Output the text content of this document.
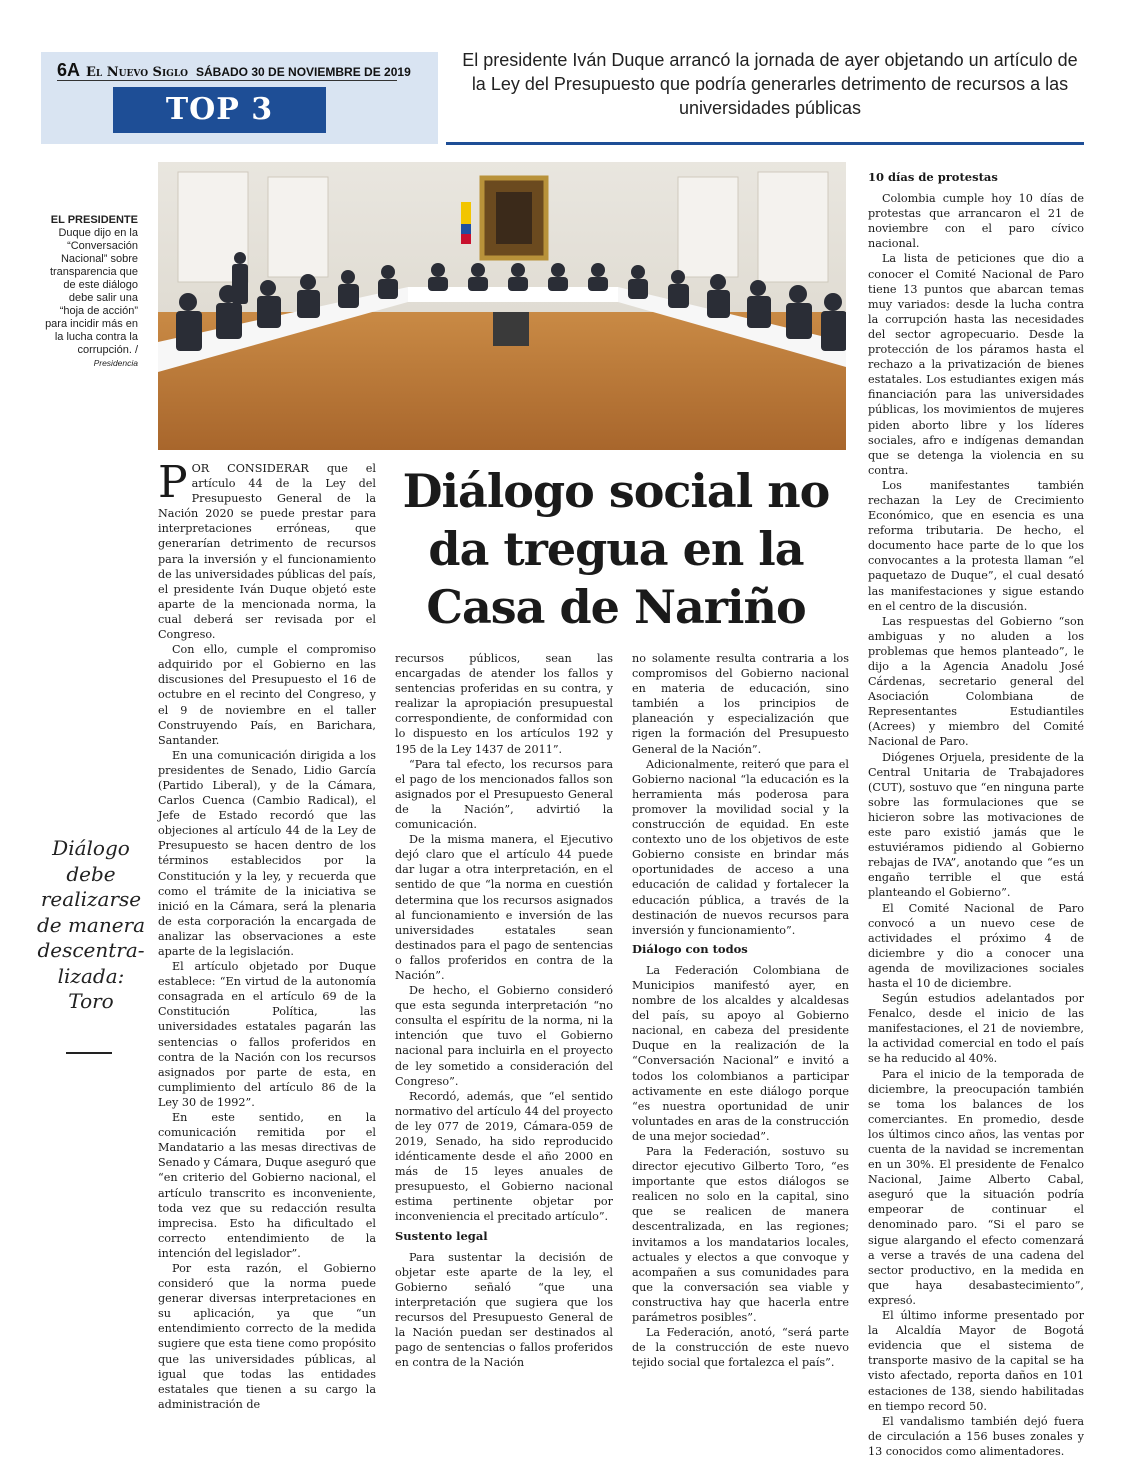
6A El Nuevo Siglo SÁBADO 30 DE NOVIEMBRE DE 2019
TOP 3
El presidente Iván Duque arrancó la jornada de ayer objetando un artículo de la Ley del Presupuesto que podría generarles detrimento de recursos a las universidades públicas
EL PRESIDENTE
Duque dijo en la “Conversación Nacional” sobre transparencia que de este diálogo debe salir una “hoja de acción” para incidir más en la lucha contra la corrupción. /
Presidencia
Diálogo social no da tregua en la Casa de Nariño
Diálogo debe realizarse de manera descentra-lizada: Toro

POR CONSIDERAR que el artículo 44 de la Ley del Presupuesto General de la Nación 2020 se puede prestar para interpretaciones erróneas, que generarían detrimento de recursos para la inversión y el funcionamiento de las universidades públicas del país, el presidente Iván Duque objetó este aparte de la mencionada norma, la cual deberá ser revisada por el Congreso.

Con ello, cumple el compromiso adquirido por el Gobierno en las discusiones del Presupuesto el 16 de octubre en el recinto del Congreso, y el 9 de noviembre en el taller Construyendo País, en Barichara, Santander.

En una comunicación dirigida a los presidentes de Senado, Lidio García (Partido Liberal), y de la Cámara, Carlos Cuenca (Cambio Radical), el Jefe de Estado recordó que las objeciones al artículo 44 de la Ley de Presupuesto se hacen dentro de los términos establecidos por la Constitución y la ley, y recuerda que como el trámite de la iniciativa se inició en la Cámara, será la plenaria de esta corporación la encargada de analizar las observaciones a este aparte de la legislación.

El artículo objetado por Duque establece: “En virtud de la autonomía consagrada en el artículo 69 de la Constitución Política, las universidades estatales pagarán las sentencias o fallos proferidos en contra de la Nación con los recursos asignados por parte de esta, en cumplimiento del artículo 86 de la Ley 30 de 1992”.

En este sentido, en la comunicación remitida por el Mandatario a las mesas directivas de Senado y Cámara, Duque aseguró que “en criterio del Gobierno nacional, el artículo transcrito es inconveniente, toda vez que su redacción resulta imprecisa. Esto ha dificultado el correcto entendimiento de la intención del legislador”.

Por esta razón, el Gobierno consideró que la norma puede generar diversas interpretaciones en su aplicación, ya que “un entendimiento correcto de la medida sugiere que esta tiene como propósito que las universidades públicas, al igual que todas las entidades estatales que tienen a su cargo la administración de

recursos públicos, sean las encargadas de atender los fallos y sentencias proferidas en su contra, y realizar la apropiación presupuestal correspondiente, de conformidad con lo dispuesto en los artículos 192 y 195 de la Ley 1437 de 2011”.

“Para tal efecto, los recursos para el pago de los mencionados fallos son asignados por el Presupuesto General de la Nación”, advirtió la comunicación.

De la misma manera, el Ejecutivo dejó claro que el artículo 44 puede dar lugar a otra interpretación, en el sentido de que “la norma en cuestión determina que los recursos asignados al funcionamiento e inversión de las universidades estatales sean destinados para el pago de sentencias o fallos proferidos en contra de la Nación”.

De hecho, el Gobierno consideró que esta segunda interpretación “no consulta el espíritu de la norma, ni la intención que tuvo el Gobierno nacional para incluirla en el proyecto de ley sometido a consideración del Congreso”.

Recordó, además, que “el sentido normativo del artículo 44 del proyecto de ley 077 de 2019, Cámara-059 de 2019, Senado, ha sido reproducido idénticamente desde el año 2000 en más de 15 leyes anuales de presupuesto, el Gobierno nacional estima pertinente objetar por inconveniencia el precitado artículo”.

Sustento legal

Para sustentar la decisión de objetar este aparte de la ley, el Gobierno señaló “que una interpretación que sugiera que los recursos del Presupuesto General de la Nación puedan ser destinados al pago de sentencias o fallos proferidos en contra de la Nación

no solamente resulta contraria a los compromisos del Gobierno nacional en materia de educación, sino también a los principios de planeación y especialización que rigen la formación del Presupuesto General de la Nación”.

Adicionalmente, reiteró que para el Gobierno nacional “la educación es la herramienta más poderosa para promover la movilidad social y la construcción de equidad. En este contexto uno de los objetivos de este Gobierno consiste en brindar más oportunidades de acceso a una educación de calidad y fortalecer la educación pública, a través de la destinación de nuevos recursos para inversión y funcionamiento”.

Diálogo con todos

La Federación Colombiana de Municipios manifestó ayer, en nombre de los alcaldes y alcaldesas del país, su apoyo al Gobierno nacional, en cabeza del presidente Duque en la realización de la “Conversación Nacional” e invitó a todos los colombianos a participar activamente en este diálogo porque “es nuestra oportunidad de unir voluntades en aras de la construcción de una mejor sociedad”.

Para la Federación, sostuvo su director ejecutivo Gilberto Toro, “es importante que estos diálogos se realicen no solo en la capital, sino que se realicen de manera descentralizada, en las regiones; invitamos a los mandatarios locales, actuales y electos a que convoque y acompañen a sus comunidades para que la conversación sea viable y constructiva hay que hacerla entre parámetros posibles”.

La Federación, anotó, “será parte de la construcción de este nuevo tejido social que fortalezca el país”.

10 días de protestas

Colombia cumple hoy 10 días de protestas que arrancaron el 21 de noviembre con el paro cívico nacional.

La lista de peticiones que dio a conocer el Comité Nacional de Paro tiene 13 puntos que abarcan temas muy variados: desde la lucha contra la corrupción hasta las necesidades del sector agropecuario. Desde la protección de los páramos hasta el rechazo a la privatización de bienes estatales. Los estudiantes exigen más financiación para las universidades públicas, los movimientos de mujeres piden aborto libre y los líderes sociales, afro e indígenas demandan que se detenga la violencia en su contra.

Los manifestantes también rechazan la Ley de Crecimiento Económico, que en esencia es una reforma tributaria. De hecho, el documento hace parte de lo que los convocantes a la protesta llaman “el paquetazo de Duque”, el cual desató las manifestaciones y sigue estando en el centro de la discusión.

Las respuestas del Gobierno “son ambiguas y no aluden a los problemas que hemos planteado”, le dijo a la Agencia Anadolu José Cárdenas, secretario general del Asociación Colombiana de Representantes Estudiantiles (Acrees) y miembro del Comité Nacional de Paro.

Diógenes Orjuela, presidente de la Central Unitaria de Trabajadores (CUT), sostuvo que “en ninguna parte sobre las formulaciones que se hicieron sobre las motivaciones de este paro existió jamás que le estuviéramos pidiendo al Gobierno rebajas de IVA”, anotando que “es un engaño terrible el que está planteando el Gobierno”.

El Comité Nacional de Paro convocó a un nuevo cese de actividades el próximo 4 de diciembre y dio a conocer una agenda de movilizaciones sociales hasta el 10 de diciembre.

Según estudios adelantados por Fenalco, desde el inicio de las manifestaciones, el 21 de noviembre, la actividad comercial en todo el país se ha reducido al 40%.

Para el inicio de la temporada de diciembre, la preocupación también se toma los balances de los comerciantes. En promedio, desde los últimos cinco años, las ventas por cuenta de la navidad se incrementan en un 30%. El presidente de Fenalco Nacional, Jaime Alberto Cabal, aseguró que la situación podría empeorar de continuar el denominado paro. “Si el paro se sigue alargando el efecto comenzará a verse a través de una cadena del sector productivo, en la medida en que haya desabastecimiento”, expresó.

El último informe presentado por la Alcaldía Mayor de Bogotá evidencia que el sistema de transporte masivo de la capital se ha visto afectado, reporta daños en 101 estaciones de 138, siendo habilitadas en tiempo record 50.

El vandalismo también dejó fuera de circulación a 156 buses zonales y 13 conocidos como alimentadores.
